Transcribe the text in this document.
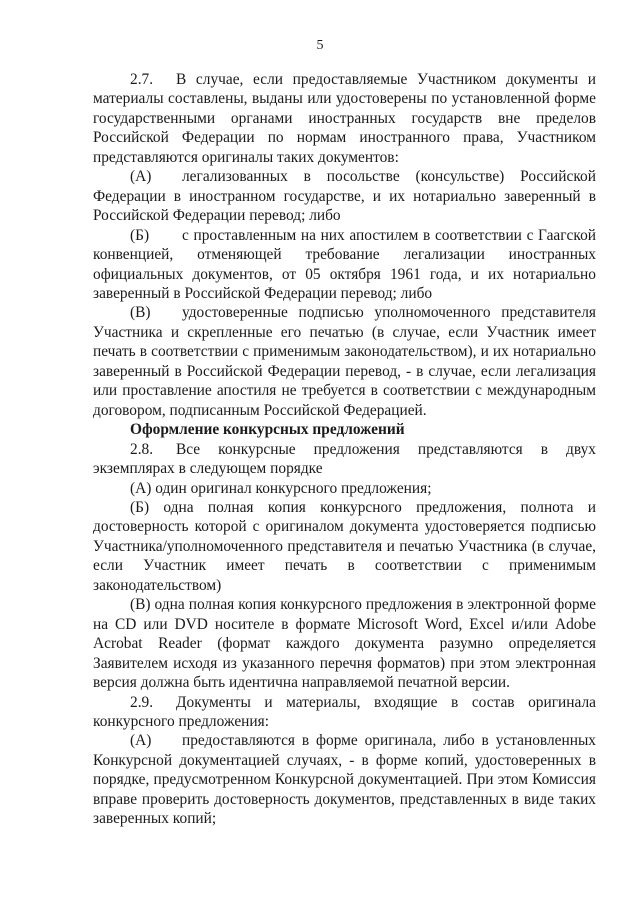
5

2.7. В случае, если предоставляемые Участником документы и материалы составлены, выданы или удостоверены по установленной форме государственными органами иностранных государств вне пределов Российской Федерации по нормам иностранного права, Участником представляются оригиналы таких документов:

(А) легализованных в посольстве (консульстве) Российской Федерации в иностранном государстве, и их нотариально заверенный в Российской Федерации перевод; либо

(Б) с проставленным на них апостилем в соответствии с Гаагской конвенцией, отменяющей требование легализации иностранных официальных документов, от 05 октября 1961 года, и их нотариально заверенный в Российской Федерации перевод; либо

(В) удостоверенные подписью уполномоченного представителя Участника и скрепленные его печатью (в случае, если Участник имеет печать в соответствии с применимым законодательством), и их нотариально заверенный в Российской Федерации перевод, - в случае, если легализация или проставление апостиля не требуется в соответствии с международным договором, подписанным Российской Федерацией.

Оформление конкурсных предложений

2.8. Все конкурсные предложения представляются в двух экземплярах в следующем порядке

(А) один оригинал конкурсного предложения;

(Б) одна полная копия конкурсного предложения, полнота и достоверность которой с оригиналом документа удостоверяется подписью Участника/уполномоченного представителя и печатью Участника (в случае, если Участник имеет печать в соответствии с применимым законодательством)

(В) одна полная копия конкурсного предложения в электронной форме на CD или DVD носителе в формате Microsoft Word, Excel и/или Adobe Acrobat Reader (формат каждого документа разумно определяется Заявителем исходя из указанного перечня форматов) при этом электронная версия должна быть идентична направляемой печатной версии.

2.9. Документы и материалы, входящие в состав оригинала конкурсного предложения:

(А) предоставляются в форме оригинала, либо в установленных Конкурсной документацией случаях, - в форме копий, удостоверенных в порядке, предусмотренном Конкурсной документацией. При этом Комиссия вправе проверить достоверность документов, представленных в виде таких заверенных копий;
